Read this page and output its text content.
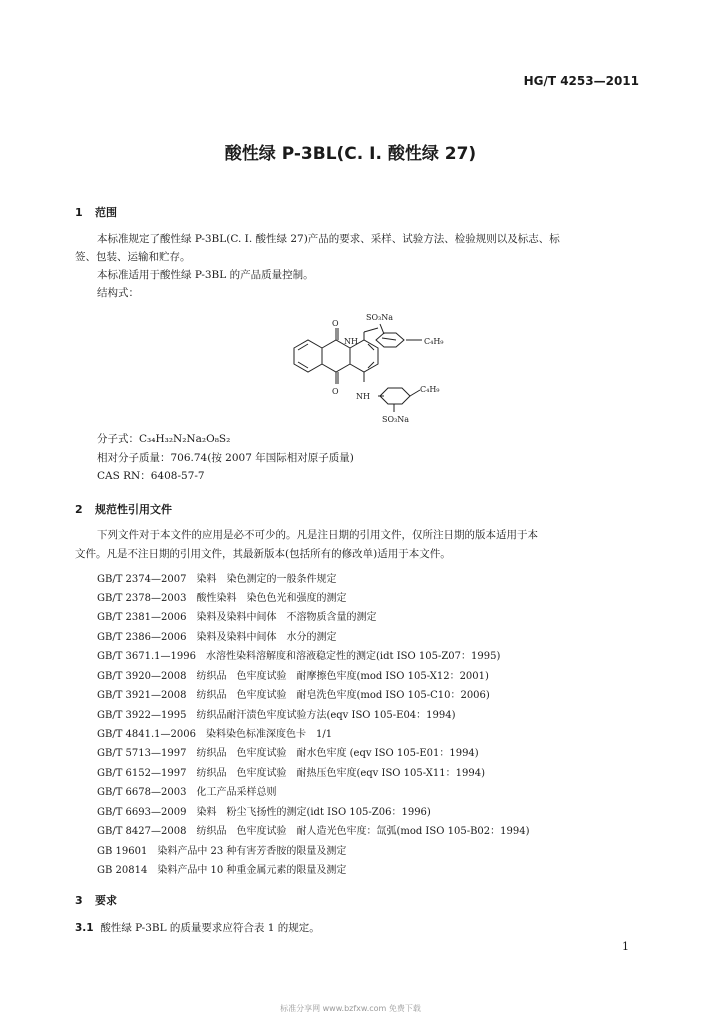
HG/T 4253—2011
酸性绿 P-3BL(C. I. 酸性绿 27)
1 范围
本标准规定了酸性绿 P-3BL(C. I. 酸性绿 27)产品的要求、采样、试验方法、检验规则以及标志、标
签、包装、运输和贮存。
本标准适用于酸性绿 P-3BL 的产品质量控制。
结构式：
SO₃Na
NH	C₄H₉
O
O
NH
C₄H₉
SO₃Na
分子式：C₃₄H₃₂N₂Na₂O₈S₂
相对分子质量：706.74(按 2007 年国际相对原子质量)
CAS RN：6408-57-7
2 规范性引用文件
下列文件对于本文件的应用是必不可少的。凡是注日期的引用文件，仅所注日期的版本适用于本
文件。凡是不注日期的引用文件，其最新版本(包括所有的修改单)适用于本文件。
GB/T 2374—2007　染料　染色测定的一般条件规定
GB/T 2378—2003　酸性染料　染色色光和强度的测定
GB/T 2381—2006　染料及染料中间体　不溶物质含量的测定
GB/T 2386—2006　染料及染料中间体　水分的测定
GB/T 3671.1—1996　水溶性染料溶解度和溶液稳定性的测定(idt ISO 105-Z07：1995)
GB/T 3920—2008　纺织品　色牢度试验　耐摩擦色牢度(mod ISO 105-X12：2001)
GB/T 3921—2008　纺织品　色牢度试验　耐皂洗色牢度(mod ISO 105-C10：2006)
GB/T 3922—1995　纺织品耐汗渍色牢度试验方法(eqv ISO 105-E04：1994)
GB/T 4841.1—2006　染料染色标准深度色卡　1/1
GB/T 5713—1997　纺织品　色牢度试验　耐水色牢度 (eqv ISO 105-E01：1994)
GB/T 6152—1997　纺织品　色牢度试验　耐热压色牢度(eqv ISO 105-X11：1994)
GB/T 6678—2003　化工产品采样总则
GB/T 6693—2009　染料　粉尘飞扬性的测定(idt ISO 105-Z06：1996)
GB/T 8427—2008　纺织品　色牢度试验　耐人造光色牢度：氙弧(mod ISO 105-B02：1994)
GB 19601　染料产品中 23 种有害芳香胺的限量及测定
GB 20814　染料产品中 10 种重金属元素的限量及测定
3 要求
3.1 酸性绿 P-3BL 的质量要求应符合表 1 的规定。
1
标准分享网 www.bzfxw.com 免费下载
